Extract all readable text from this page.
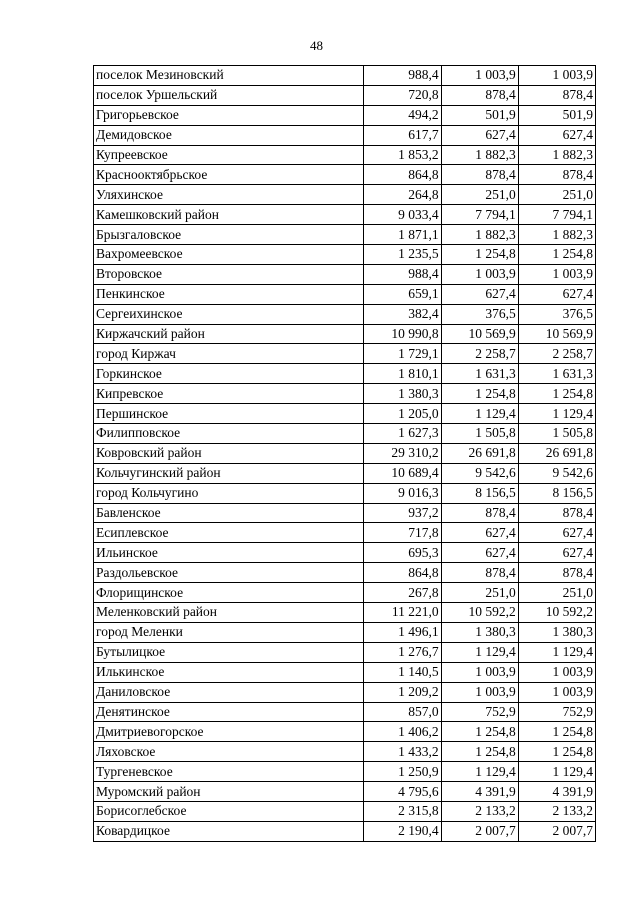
48
поселок Мезиновский	988,4	1 003,9	1 003,9
поселок Уршельский	720,8	878,4	878,4
Григорьевское	494,2	501,9	501,9
Демидовское	617,7	627,4	627,4
Купреевское	1 853,2	1 882,3	1 882,3
Краснооктябрьское	864,8	878,4	878,4
Уляхинское	264,8	251,0	251,0
Камешковский район	9 033,4	7 794,1	7 794,1
Брызгаловское	1 871,1	1 882,3	1 882,3
Вахромеевское	1 235,5	1 254,8	1 254,8
Второвское	988,4	1 003,9	1 003,9
Пенкинское	659,1	627,4	627,4
Сергеихинское	382,4	376,5	376,5
Киржачский район	10 990,8	10 569,9	10 569,9
город Киржач	1 729,1	2 258,7	2 258,7
Горкинское	1 810,1	1 631,3	1 631,3
Кипревское	1 380,3	1 254,8	1 254,8
Першинское	1 205,0	1 129,4	1 129,4
Филипповское	1 627,3	1 505,8	1 505,8
Ковровский район	29 310,2	26 691,8	26 691,8
Кольчугинский район	10 689,4	9 542,6	9 542,6
город Кольчугино	9 016,3	8 156,5	8 156,5
Бавленское	937,2	878,4	878,4
Есиплевское	717,8	627,4	627,4
Ильинское	695,3	627,4	627,4
Раздольевское	864,8	878,4	878,4
Флорищинское	267,8	251,0	251,0
Меленковский район	11 221,0	10 592,2	10 592,2
город Меленки	1 496,1	1 380,3	1 380,3
Бутылицкое	1 276,7	1 129,4	1 129,4
Илькинское	1 140,5	1 003,9	1 003,9
Даниловское	1 209,2	1 003,9	1 003,9
Денятинское	857,0	752,9	752,9
Дмитриевогорское	1 406,2	1 254,8	1 254,8
Ляховское	1 433,2	1 254,8	1 254,8
Тургеневское	1 250,9	1 129,4	1 129,4
Муромский район	4 795,6	4 391,9	4 391,9
Борисоглебское	2 315,8	2 133,2	2 133,2
Ковардицкое	2 190,4	2 007,7	2 007,7
